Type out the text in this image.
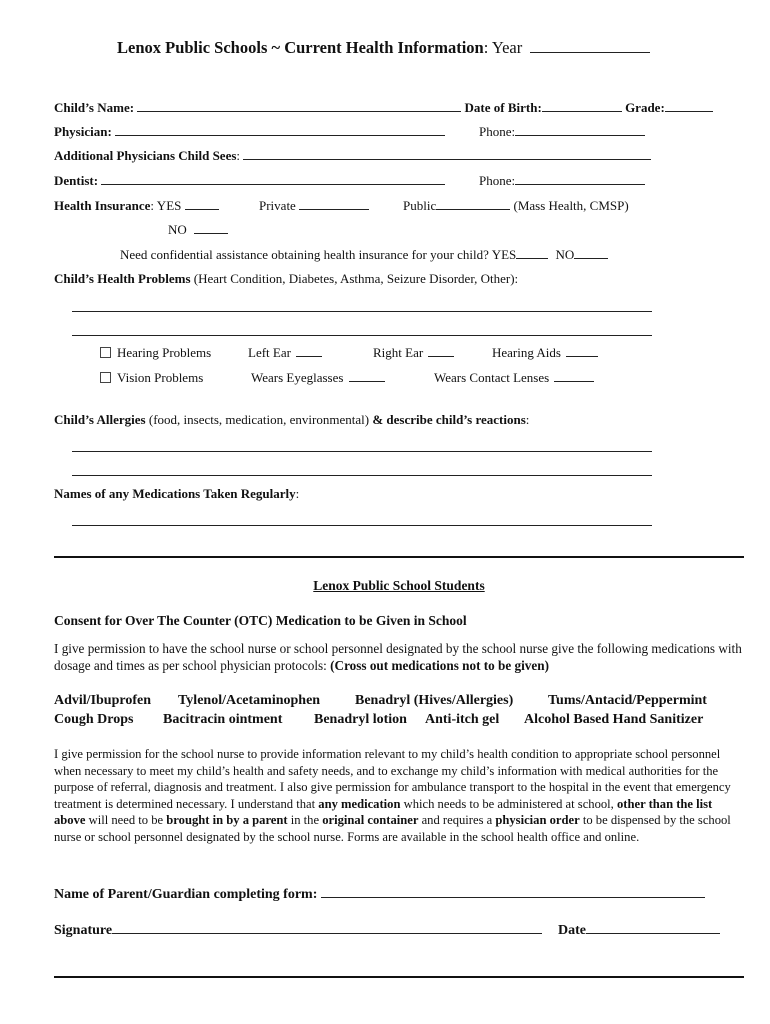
Lenox Public Schools ~ Current Health Information: Year
Child’s Name:	Date of Birth:	Grade:
Physician:	Phone:
Additional Physicians Child Sees:
Dentist:	Phone:
Health Insurance: YES	Private	Public	(Mass Health, CMSP)
NO
Need confidential assistance obtaining health insurance for your child? YES	NO
Child’s Health Problems (Heart Condition, Diabetes, Asthma, Seizure Disorder, Other):
Hearing Problems	Left Ear	Right Ear	Hearing Aids
Vision Problems	Wears Eyeglasses	Wears Contact Lenses
Child’s Allergies (food, insects, medication, environmental) & describe child’s reactions:
Names of any Medications Taken Regularly:
Lenox Public School Students
Consent for Over The Counter (OTC) Medication to be Given in School
I give permission to have the school nurse or school personnel designated by the school nurse give the following medications with dosage and times as per school physician protocols: (Cross out medications not to be given)
Advil/Ibuprofen Tylenol/Acetaminophen Benadryl (Hives/Allergies) Tums/Antacid/Peppermint
Cough Drops Bacitracin ointment Benadryl lotion Anti-itch gel Alcohol Based Hand Sanitizer
I give permission for the school nurse to provide information relevant to my child’s health condition to appropriate school personnel when necessary to meet my child’s health and safety needs, and to exchange my child’s information with medical authorities for the purpose of referral, diagnosis and treatment. I also give permission for ambulance transport to the hospital in the event that emergency treatment is determined necessary. I understand that any medication which needs to be administered at school, other than the list above will need to be brought in by a parent in the original container and requires a physician order to be dispensed by the school nurse or school personnel designated by the school nurse. Forms are available in the school health office and online.
Name of Parent/Guardian completing form:
Signature	Date
